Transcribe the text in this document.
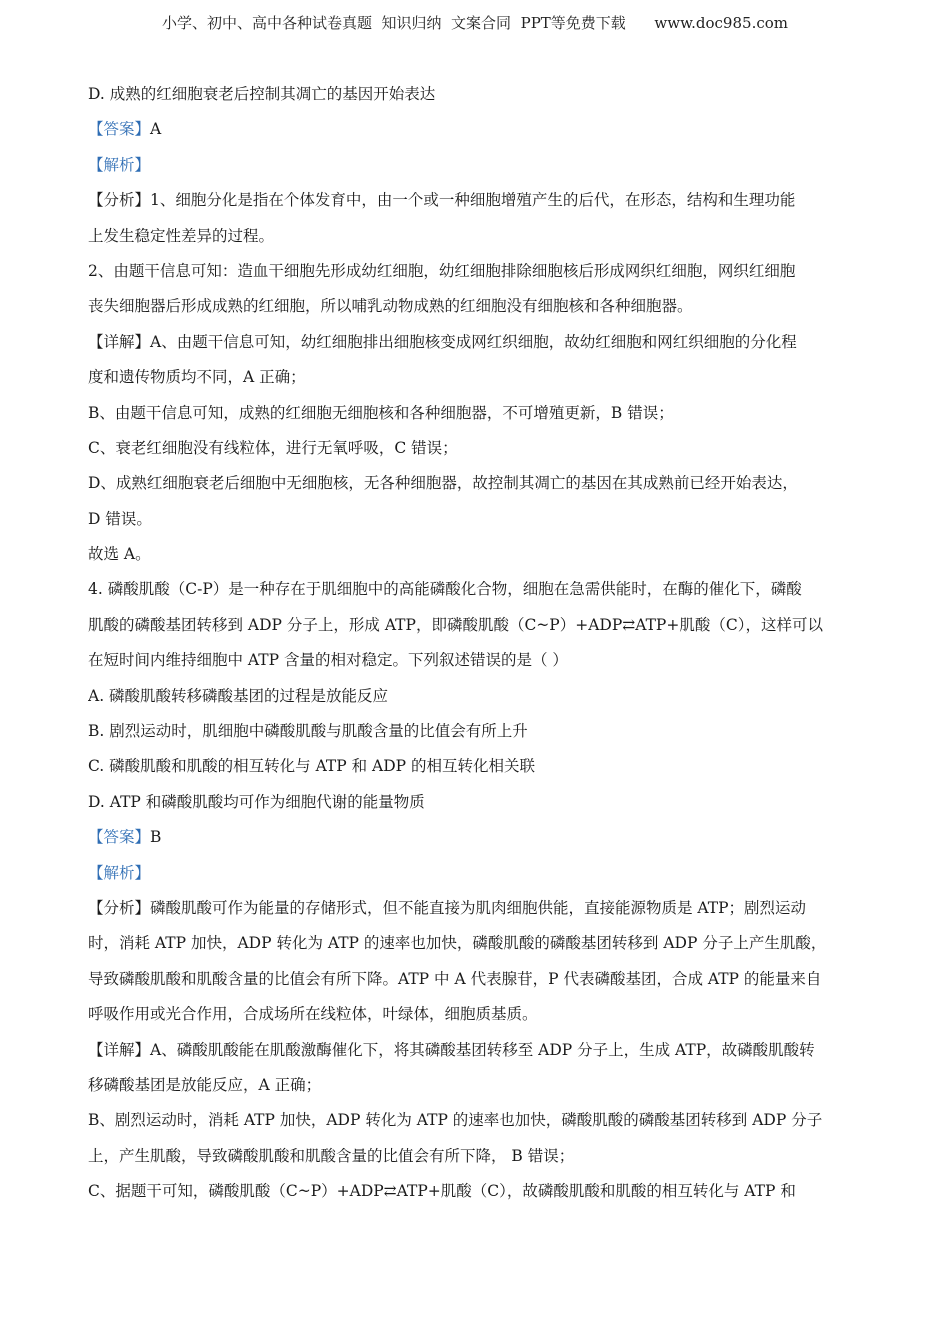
小学、初中、高中各种试卷真题  知识归纳  文案合同  PPT等免费下载      www.doc985.com
D. 成熟的红细胞衰老后控制其凋亡的基因开始表达
【答案】A
【解析】
【分析】1、细胞分化是指在个体发育中，由一个或一种细胞增殖产生的后代，在形态，结构和生理功能
上发生稳定性差异的过程。
2、由题干信息可知：造血干细胞先形成幼红细胞，幼红细胞排除细胞核后形成网织红细胞，网织红细胞
丧失细胞器后形成成熟的红细胞，所以哺乳动物成熟的红细胞没有细胞核和各种细胞器。
【详解】A、由题干信息可知，幼红细胞排出细胞核变成网红织细胞，故幼红细胞和网红织细胞的分化程
度和遗传物质均不同，A 正确；
B、由题干信息可知，成熟的红细胞无细胞核和各种细胞器，不可增殖更新，B 错误；
C、衰老红细胞没有线粒体，进行无氧呼吸，C 错误；
D、成熟红细胞衰老后细胞中无细胞核，无各种细胞器，故控制其凋亡的基因在其成熟前已经开始表达，
D 错误。
故选 A。
4. 磷酸肌酸（C-P）是一种存在于肌细胞中的高能磷酸化合物，细胞在急需供能时，在酶的催化下，磷酸
肌酸的磷酸基团转移到 ADP 分子上，形成 ATP，即磷酸肌酸（C~P）+ADP⇄ATP+肌酸（C），这样可以
在短时间内维持细胞中 ATP 含量的相对稳定。下列叙述错误的是（ ）
A. 磷酸肌酸转移磷酸基团的过程是放能反应
B. 剧烈运动时，肌细胞中磷酸肌酸与肌酸含量的比值会有所上升
C. 磷酸肌酸和肌酸的相互转化与 ATP 和 ADP 的相互转化相关联
D. ATP 和磷酸肌酸均可作为细胞代谢的能量物质
【答案】B
【解析】
【分析】磷酸肌酸可作为能量的存储形式，但不能直接为肌肉细胞供能，直接能源物质是 ATP；剧烈运动
时，消耗 ATP 加快，ADP 转化为 ATP 的速率也加快，磷酸肌酸的磷酸基团转移到 ADP 分子上产生肌酸，
导致磷酸肌酸和肌酸含量的比值会有所下降。ATP 中 A 代表腺苷，P 代表磷酸基团，合成 ATP 的能量来自
呼吸作用或光合作用，合成场所在线粒体，叶绿体，细胞质基质。
【详解】A、磷酸肌酸能在肌酸激酶催化下，将其磷酸基团转移至 ADP 分子上，生成 ATP，故磷酸肌酸转
移磷酸基团是放能反应，A 正确；
B、剧烈运动时，消耗 ATP 加快，ADP 转化为 ATP 的速率也加快，磷酸肌酸的磷酸基团转移到 ADP 分子
上，产生肌酸，导致磷酸肌酸和肌酸含量的比值会有所下降， B 错误；
C、据题干可知，磷酸肌酸（C~P）+ADP⇄ATP+肌酸（C），故磷酸肌酸和肌酸的相互转化与 ATP 和
